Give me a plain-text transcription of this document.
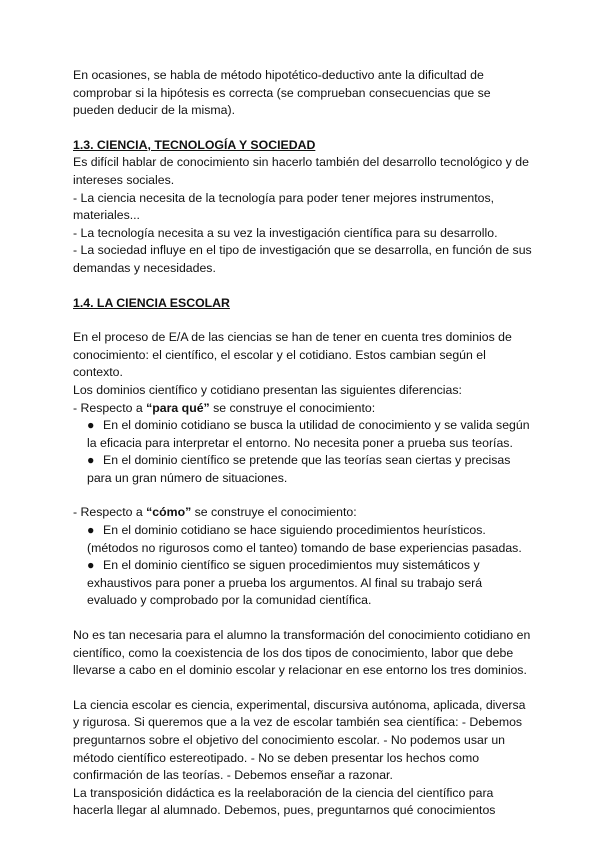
En ocasiones, se habla de método hipotético-deductivo ante la dificultad de comprobar si la hipótesis es correcta (se comprueban consecuencias que se pueden deducir de la misma).

1.3. CIENCIA, TECNOLOGÍA Y SOCIEDAD

Es difícil hablar de conocimiento sin hacerlo también del desarrollo tecnológico y de intereses sociales.

- La ciencia necesita de la tecnología para poder tener mejores instrumentos, materiales...

- La tecnología necesita a su vez la investigación científica para su desarrollo.

- La sociedad influye en el tipo de investigación que se desarrolla, en función de sus demandas y necesidades.

1.4. LA CIENCIA ESCOLAR

En el proceso de E/A de las ciencias se han de tener en cuenta tres dominios de conocimiento: el científico, el escolar y el cotidiano. Estos cambian según el contexto.

Los dominios científico y cotidiano presentan las siguientes diferencias:

- Respecto a “para qué” se construye el conocimiento:

● En el dominio cotidiano se busca la utilidad de conocimiento y se valida según la eficacia para interpretar el entorno. No necesita poner a prueba sus teorías.

● En el dominio científico se pretende que las teorías sean ciertas y precisas para un gran número de situaciones.

- Respecto a “cómo” se construye el conocimiento:

● En el dominio cotidiano se hace siguiendo procedimientos heurísticos. (métodos no rigurosos como el tanteo) tomando de base experiencias pasadas.

● En el dominio científico se siguen procedimientos muy sistemáticos y exhaustivos para poner a prueba los argumentos. Al final su trabajo será evaluado y comprobado por la comunidad científica.

No es tan necesaria para el alumno la transformación del conocimiento cotidiano en científico, como la coexistencia de los dos tipos de conocimiento, labor que debe llevarse a cabo en el dominio escolar y relacionar en ese entorno los tres dominios.

La ciencia escolar es ciencia, experimental, discursiva autónoma, aplicada, diversa y rigurosa. Si queremos que a la vez de escolar también sea científica: - Debemos preguntarnos sobre el objetivo del conocimiento escolar. - No podemos usar un método científico estereotipado. - No se deben presentar los hechos como confirmación de las teorías. - Debemos enseñar a razonar.

La transposición didáctica es la reelaboración de la ciencia del científico para hacerla llegar al alumnado. Debemos, pues, preguntarnos qué conocimientos
